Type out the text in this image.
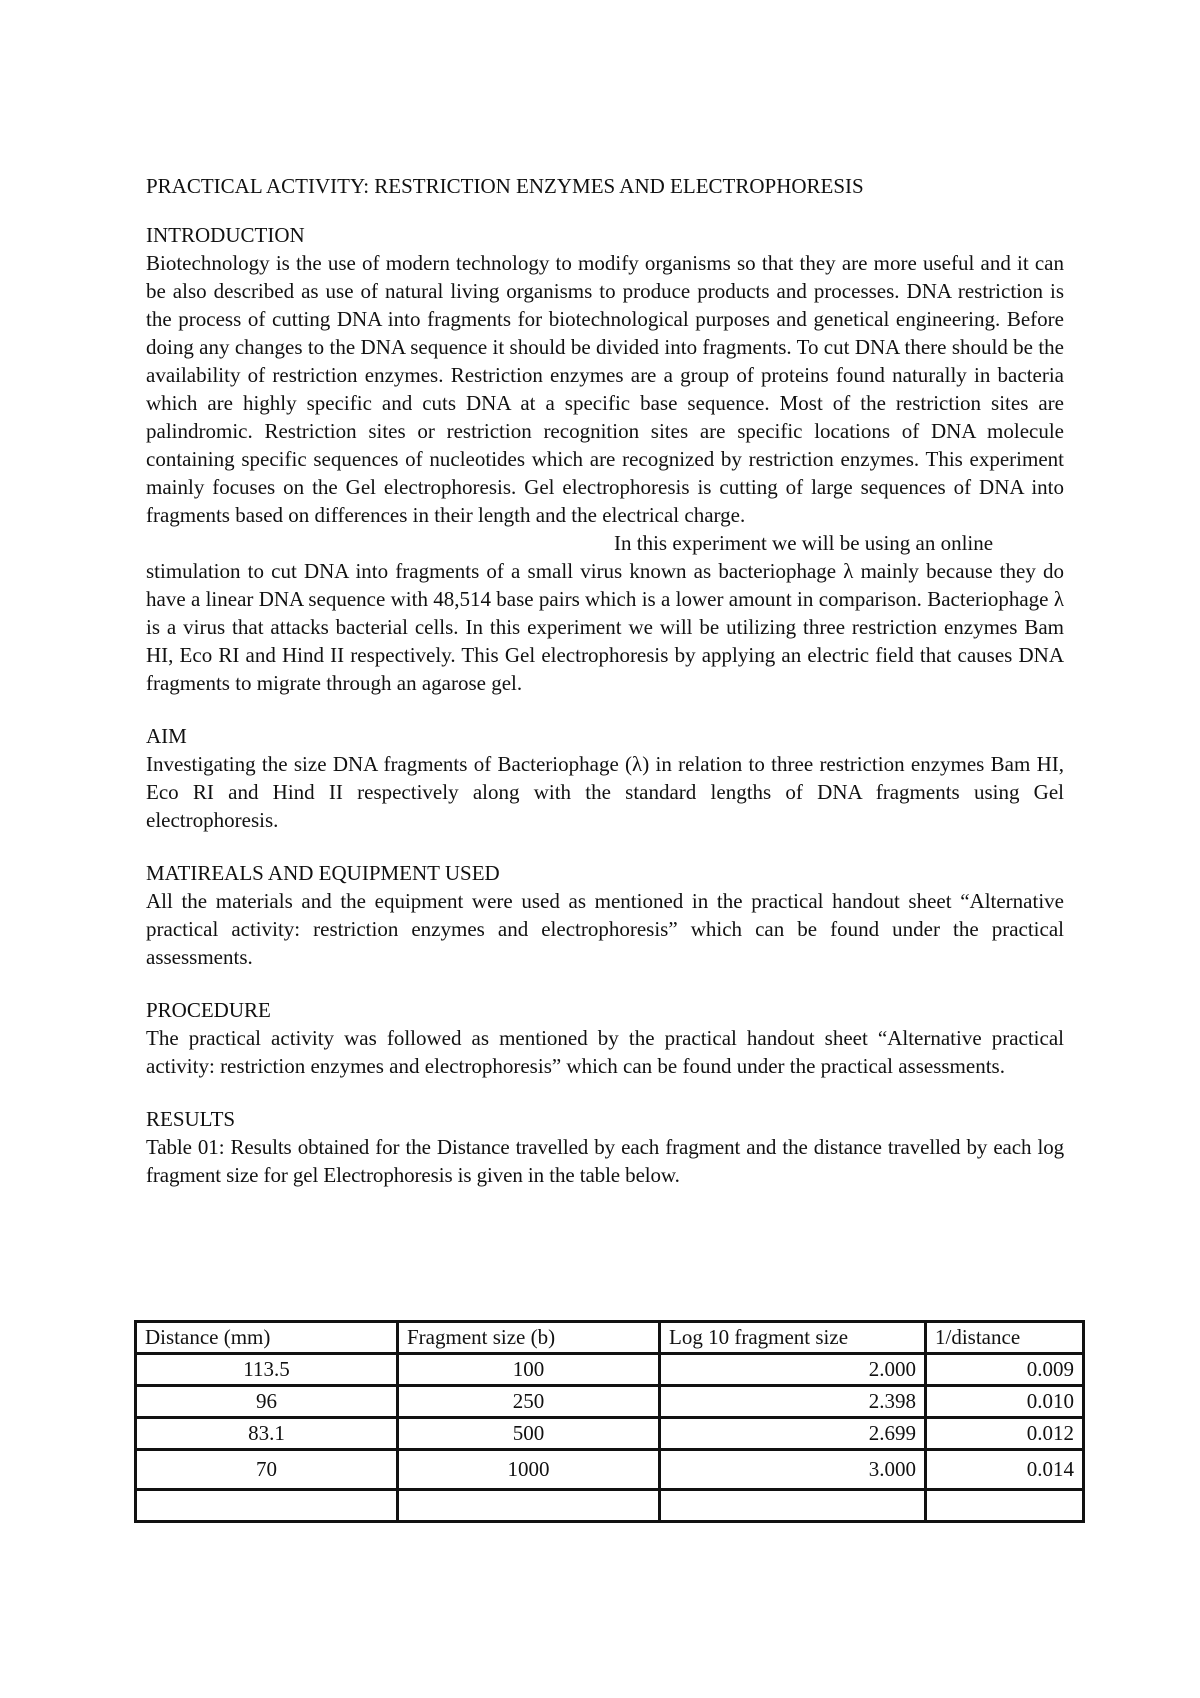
PRACTICAL ACTIVITY: RESTRICTION ENZYMES AND ELECTROPHORESIS

INTRODUCTION

Biotechnology is the use of modern technology to modify organisms so that they are more useful and it can be also described as use of natural living organisms to produce products and processes. DNA restriction is the process of cutting DNA into fragments for biotechnological purposes and genetical engineering. Before doing any changes to the DNA sequence it should be divided into fragments. To cut DNA there should be the availability of restriction enzymes. Restriction enzymes are a group of proteins found naturally in bacteria which are highly specific and cuts DNA at a specific base sequence. Most of the restriction sites are palindromic. Restriction sites or restriction recognition sites are specific locations of DNA molecule containing specific sequences of nucleotides which are recognized by restriction enzymes. This experiment mainly focuses on the Gel electrophoresis. Gel electrophoresis is cutting of large sequences of DNA into fragments based on differences in their length and the electrical charge.

In this experiment we will be using an online

stimulation to cut DNA into fragments of a small virus known as bacteriophage λ mainly because they do have a linear DNA sequence with 48,514 base pairs which is a lower amount in comparison. Bacteriophage λ is a virus that attacks bacterial cells. In this experiment we will be utilizing three restriction enzymes Bam HI, Eco RI and Hind II respectively. This Gel electrophoresis by applying an electric field that causes DNA fragments to migrate through an agarose gel.

AIM

Investigating the size DNA fragments of Bacteriophage (λ) in relation to three restriction enzymes Bam HI, Eco RI and Hind II respectively along with the standard lengths of DNA fragments using Gel electrophoresis.

MATIREALS AND EQUIPMENT USED

All the materials and the equipment were used as mentioned in the practical handout sheet “Alternative practical activity: restriction enzymes and electrophoresis” which can be found under the practical assessments.

PROCEDURE

The practical activity was followed as mentioned by the practical handout sheet “Alternative practical activity: restriction enzymes and electrophoresis” which can be found under the practical assessments.

RESULTS

Table 01: Results obtained for the Distance travelled by each fragment and the distance travelled by each log fragment size for gel Electrophoresis is given in the table below.

Distance (mm)	Fragment size (b)	Log 10 fragment size	1/distance
113.5	100	2.000	0.009
96	250	2.398	0.010
83.1	500	2.699	0.012
70	1000	3.000	0.014
